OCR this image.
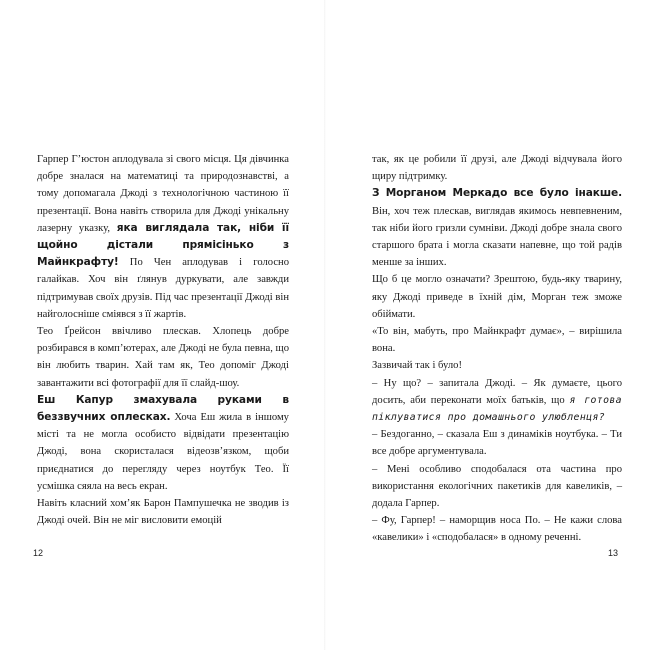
Гарпер Гʼюстон аплодувала зі свого місця. Ця дівчинка добре зналася на математиці та природознавстві, а тому допомагала Джоді з технологічною частиною її презентації. Вона навіть створила для Джоді унікальну лазерну указку, яка виглядала так, ніби її щойно дістали прямісінько з Майнкрафту! По Чен аплодував і голосно галайкав. Хоч він ґлянув дуркувати, але завжди підтримував своїх друзів. Під час презентації Джоді він найголосніше сміявся з її жартів.

Тео Ґрейсон ввічливо плескав. Хлопець добре розбирався в компʼютерах, але Джоді не була певна, що він любить тварин. Хай там як, Тео допоміг Джоді завантажити всі фотографії для її слайд-шоу.

Еш Капур змахувала руками в беззвучних оплесках. Хоча Еш жила в іншому місті та не могла особисто відвідати презентацію Джоді, вона скористалася відеозвʼязком, щоби приєднатися до перегляду через ноутбук Тео. Її усмішка сяяла на весь екран.

Навіть класний хомʼяк Барон Пампушечка не зводив із Джоді очей. Він не міг висловити емоцій

12

так, як це робили її друзі, але Джоді відчувала його щиру підтримку.

З Морганом Меркадо все було інакше. Він, хоч теж плескав, виглядав якимось невпевненим, так ніби його гризли сумніви. Джоді добре знала свого старшого брата і могла сказати напевне, що той радів менше за інших.

Що б це могло означати? Зрештою, будь-яку тварину, яку Джоді приведе в їхній дім, Морган теж зможе обіймати.

«То він, мабуть, про Майнкрафт думає», – вирішила вона.

Зазвичай так і було!

– Ну що? – запитала Джоді. – Як думаєте, цього досить, аби переконати моїх батьків, що я готова піклуватися про домашнього улюбленця?

– Бездоганно, – сказала Еш з динаміків ноутбука. – Ти все добре аргументувала.

– Мені особливо сподобалася ота частина про використання екологічних пакетиків для кавеликів, – додала Гарпер.

– Фу, Гарпер! – наморщив носа По. – Не кажи слова «кавелики» і «сподобалася» в одному реченні.

13
